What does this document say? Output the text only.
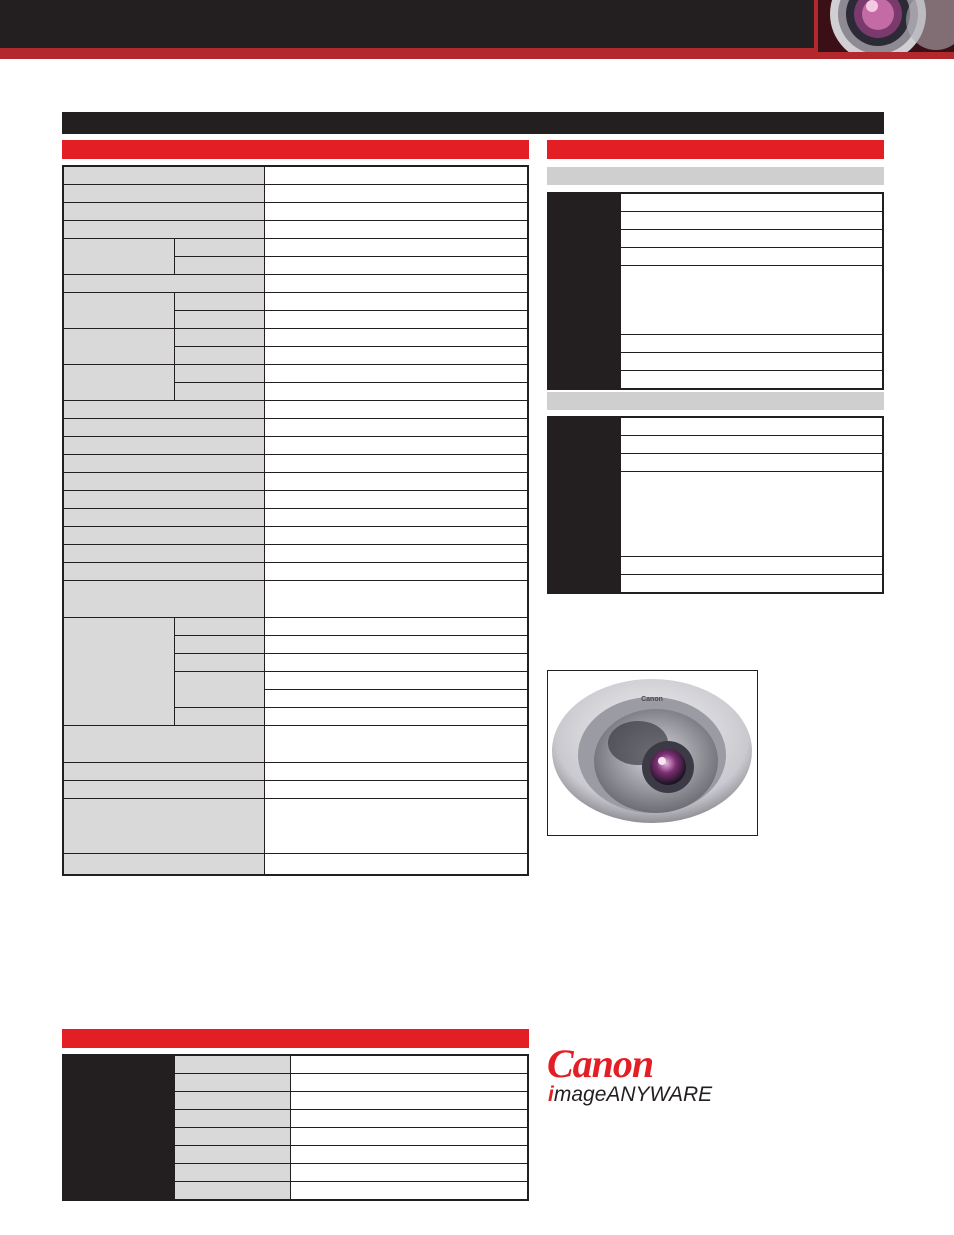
Canon

Canon
imageANYWARE
